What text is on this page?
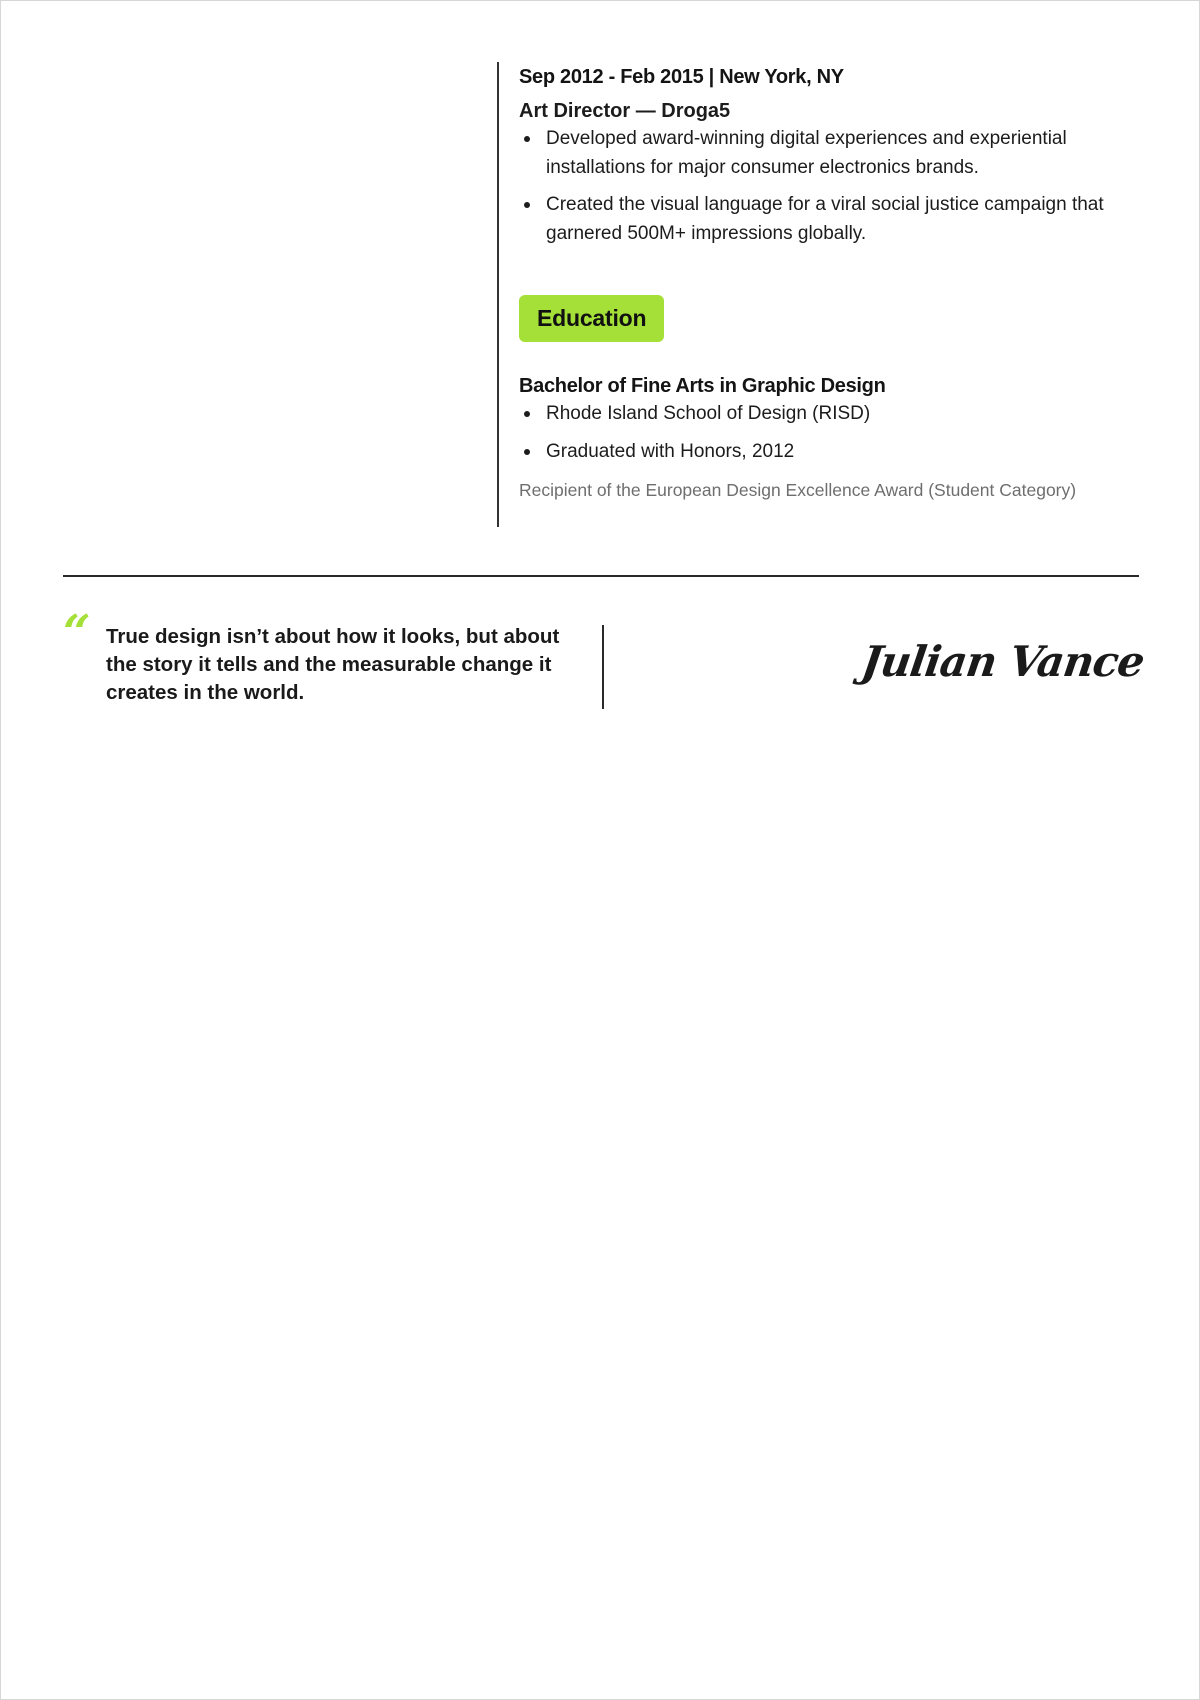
Sep 2012 - Feb 2015 | New York, NY

Art Director — Droga5

Developed award-winning digital experiences and experiential installations for major consumer electronics brands.
Created the visual language for a viral social justice campaign that garnered 500M+ impressions globally.
Education

Bachelor of Fine Arts in Graphic Design

Rhode Island School of Design (RISD)
Graduated with Honors, 2012

Recipient of the European Design Excellence Award (Student Category)

“ True design isn’t about how it looks, but about the story it tells and the measurable change it creates in the world.

Julian Vance
